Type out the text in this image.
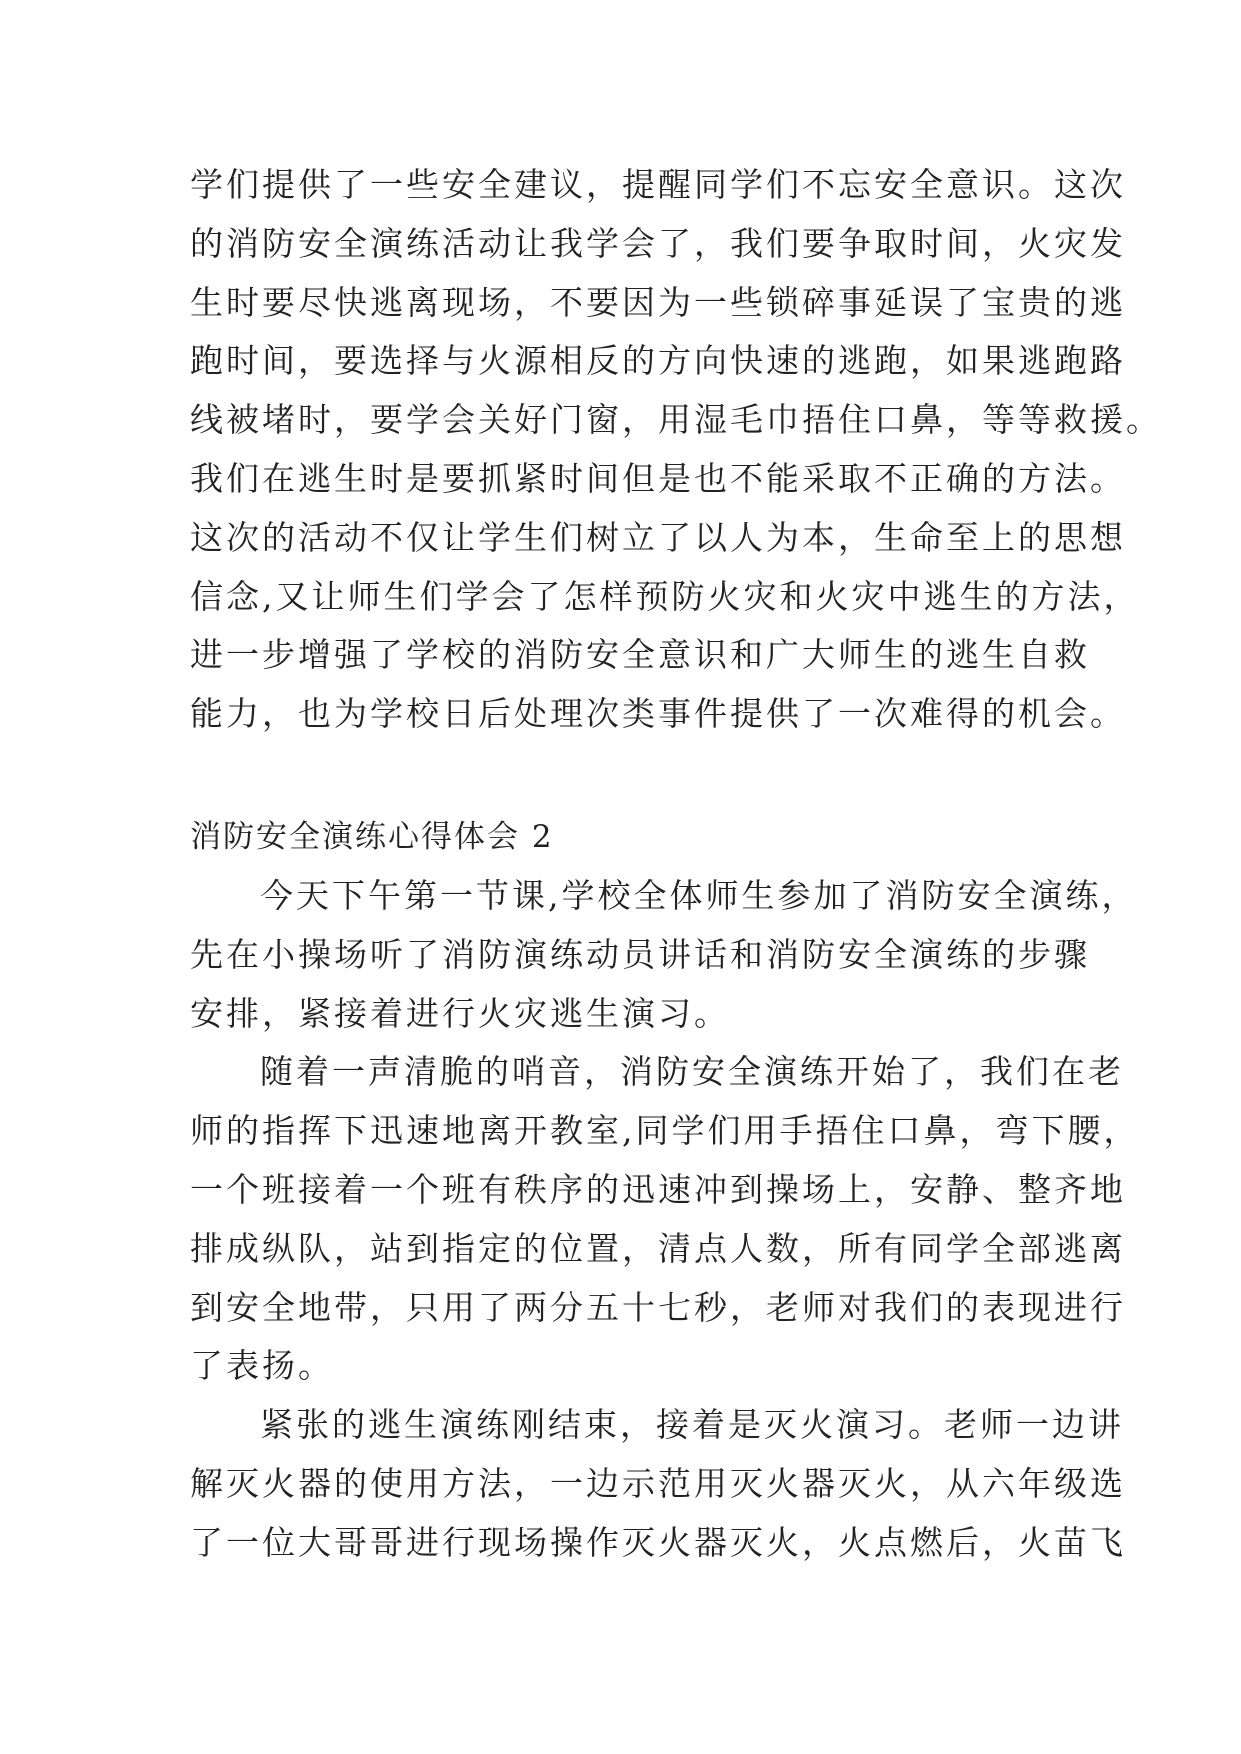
学们提供了一些安全建议，提醒同学们不忘安全意识。这次
的消防安全演练活动让我学会了，我们要争取时间，火灾发
生时要尽快逃离现场，不要因为一些锁碎事延误了宝贵的逃
跑时间，要选择与火源相反的方向快速的逃跑，如果逃跑路
线被堵时，要学会关好门窗，用湿毛巾捂住口鼻，等等救援。
我们在逃生时是要抓紧时间但是也不能采取不正确的方法。
这次的活动不仅让学生们树立了以人为本，生命至上的思想
信念,又让师生们学会了怎样预防火灾和火灾中逃生的方法，
进一步增强了学校的消防安全意识和广大师生的逃生自救
能力，也为学校日后处理次类事件提供了一次难得的机会。
消防安全演练心得体会 2
今天下午第一节课,学校全体师生参加了消防安全演练，
先在小操场听了消防演练动员讲话和消防安全演练的步骤
安排，紧接着进行火灾逃生演习。
随着一声清脆的哨音，消防安全演练开始了，我们在老
师的指挥下迅速地离开教室,同学们用手捂住口鼻，弯下腰，
一个班接着一个班有秩序的迅速冲到操场上，安静、整齐地
排成纵队，站到指定的位置，清点人数，所有同学全部逃离
到安全地带，只用了两分五十七秒，老师对我们的表现进行
了表扬。
紧张的逃生演练刚结束，接着是灭火演习。老师一边讲
解灭火器的使用方法，一边示范用灭火器灭火，从六年级选
了一位大哥哥进行现场操作灭火器灭火，火点燃后，火苗飞
